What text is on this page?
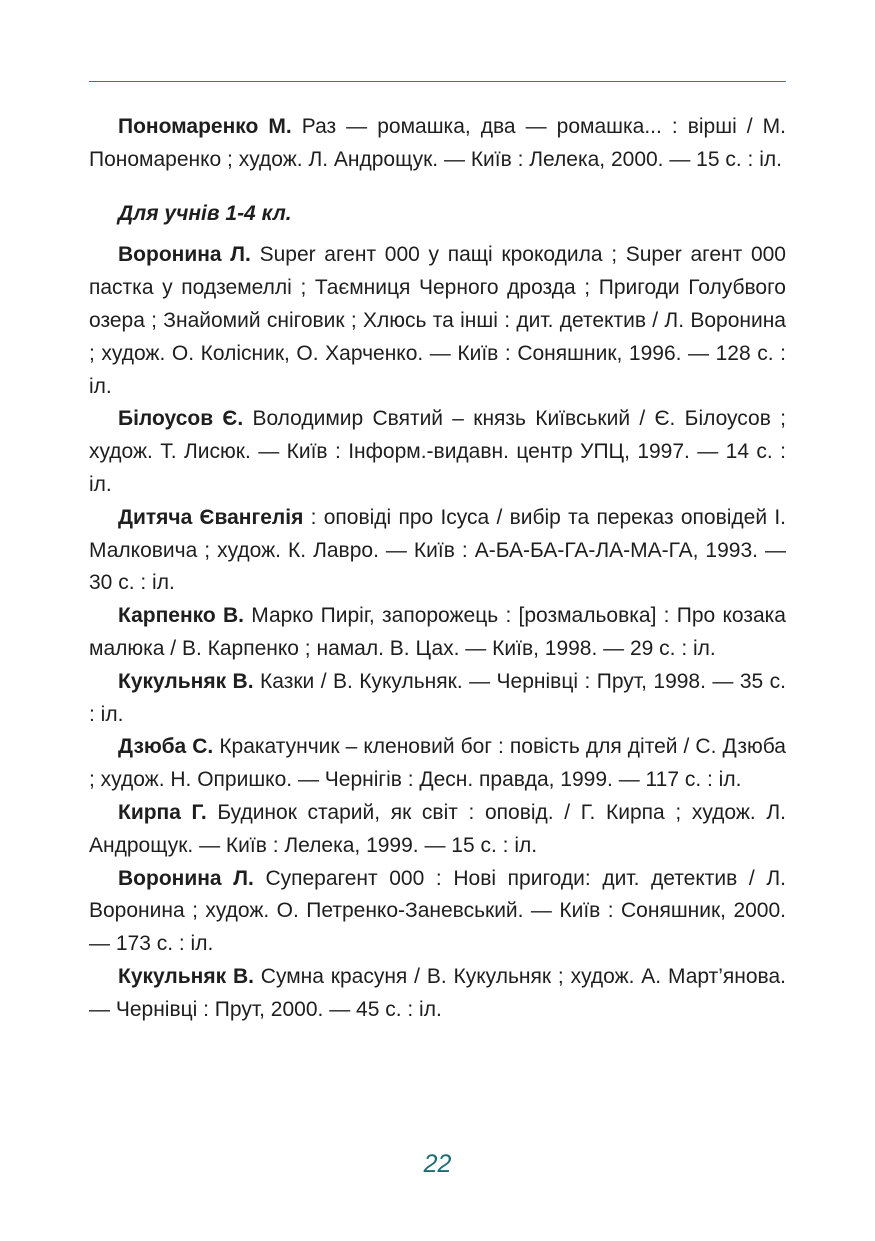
Пономаренко М. Раз — ромашка, два — ромашка... : вірші / М. Пономаренко ; худож. Л. Андрощук. — Київ : Лелека, 2000. — 15 с. : іл.

Для учнів 1-4 кл.

Воронина Л. Super агент 000 у пащі крокодила ; Super агент 000 пастка у подземеллі ; Таємниця Черного дрозда ; Пригоди Голубвого озера ; Знайомий сніговик ; Хлюсь та інші : дит. детектив / Л. Воронина ; худож. О. Колісник, О. Харченко. — Київ : Соняшник, 1996. — 128 с. : іл.

Білоусов Є. Володимир Святий – князь Київський / Є. Білоусов ; худож. Т. Лисюк. — Київ : Інформ.-видавн. центр УПЦ, 1997. — 14 с. : іл.

Дитяча Євангелія : оповіді про Ісуса / вибір та переказ оповідей І. Малковича ; худож. К. Лавро. — Київ : А-БА-БА-ГА-ЛА-МА-ГА, 1993. — 30 с. : іл.

Карпенко В. Марко Пиріг, запорожець : [розмальовка] : Про козака малюка / В. Карпенко ; намал. В. Цах. — Київ, 1998. — 29 с. : іл.

Кукульняк В. Казки / В. Кукульняк. — Чернівці : Прут, 1998. — 35 с. : іл.

Дзюба С. Кракатунчик – кленовий бог : повість для дітей / С. Дзюба ; худож. Н. Опришко. — Чернігів : Десн. правда, 1999. — 117 с. : іл.

Кирпа Г. Будинок старий, як світ : оповід. / Г. Кирпа ; худож. Л. Андрощук. — Київ : Лелека, 1999. — 15 с. : іл.

Воронина Л. Суперагент 000 : Нові пригоди: дит. детектив / Л. Воронина ; худож. О. Петренко-Заневський. — Київ : Соняшник, 2000. — 173 с. : іл.

Кукульняк В. Сумна красуня / В. Кукульняк ; худож. А. Март’янова. — Чернівці : Прут, 2000. — 45 с. : іл.

22
